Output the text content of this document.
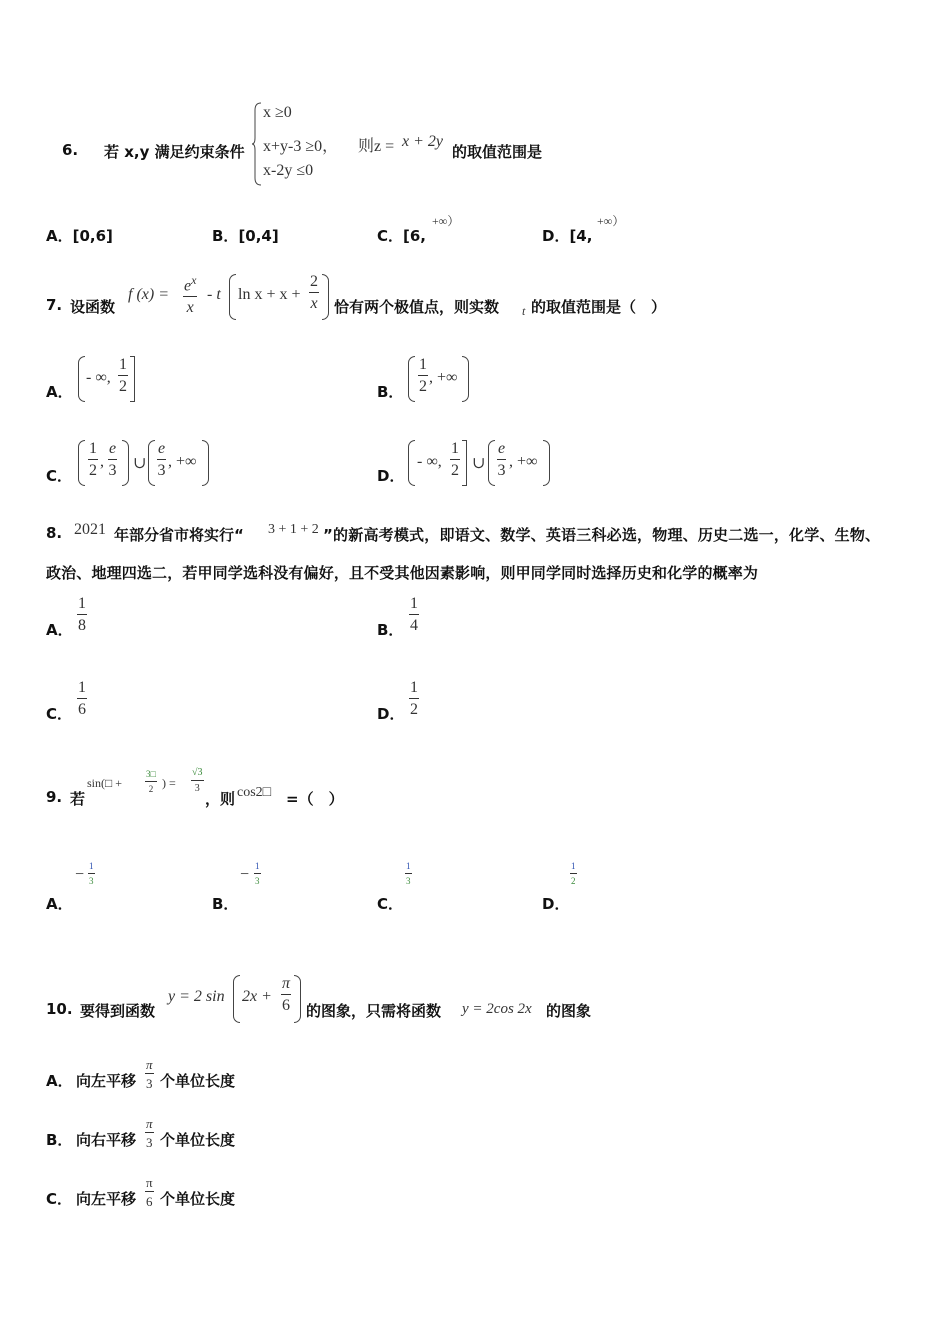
6. 若 x,y 满足约束条件
x ≥0
x+y-3 ≥0， 则z = x + 2y
的取值范围是
x-2y ≤0
A．[0,6]	B．[0,4]	C．[6,
+∞）
D．[4,
+∞）
7. 设函数
f (x) =
$e^x$
x
- t ln x + x +
2
x 恰有两个极值点，则实数 t 的取值范围是（　）
A．
- ∞,
1
2	B．
1
2
, +∞
C．
1
2
,
e
3 ∪
e
3
, +∞
D．
- ∞,
1
2 ∪
e
3
, +∞
8. 2021 年部分省市将实行“ 3 + 1 + 2 ”的新高考模式，即语文、数学、英语三科必选，物理、历史二选一，化学、生物、
政治、地理四选二，若甲同学选科没有偏好，且不受其他因素影响，则甲同学同时选择历史和化学的概率为
A．
1
8	B．
1
4
C．
1
6	D．
1
2
9. 若
sin(□ +
3□
2 ) =
√3
3
，则 cos2□ =（　）
A．
− 1
3
B．
− 1
3
C．
1
3
D．
1
2
10. 要得到函数
y = 2 sin 2x +
π
6 的图象，只需将函数 y = 2cos 2x 的图象
A． 向左平移
π
3 个单位长度
B． 向右平移
π
3 个单位长度
C． 向左平移
π
6 个单位长度
